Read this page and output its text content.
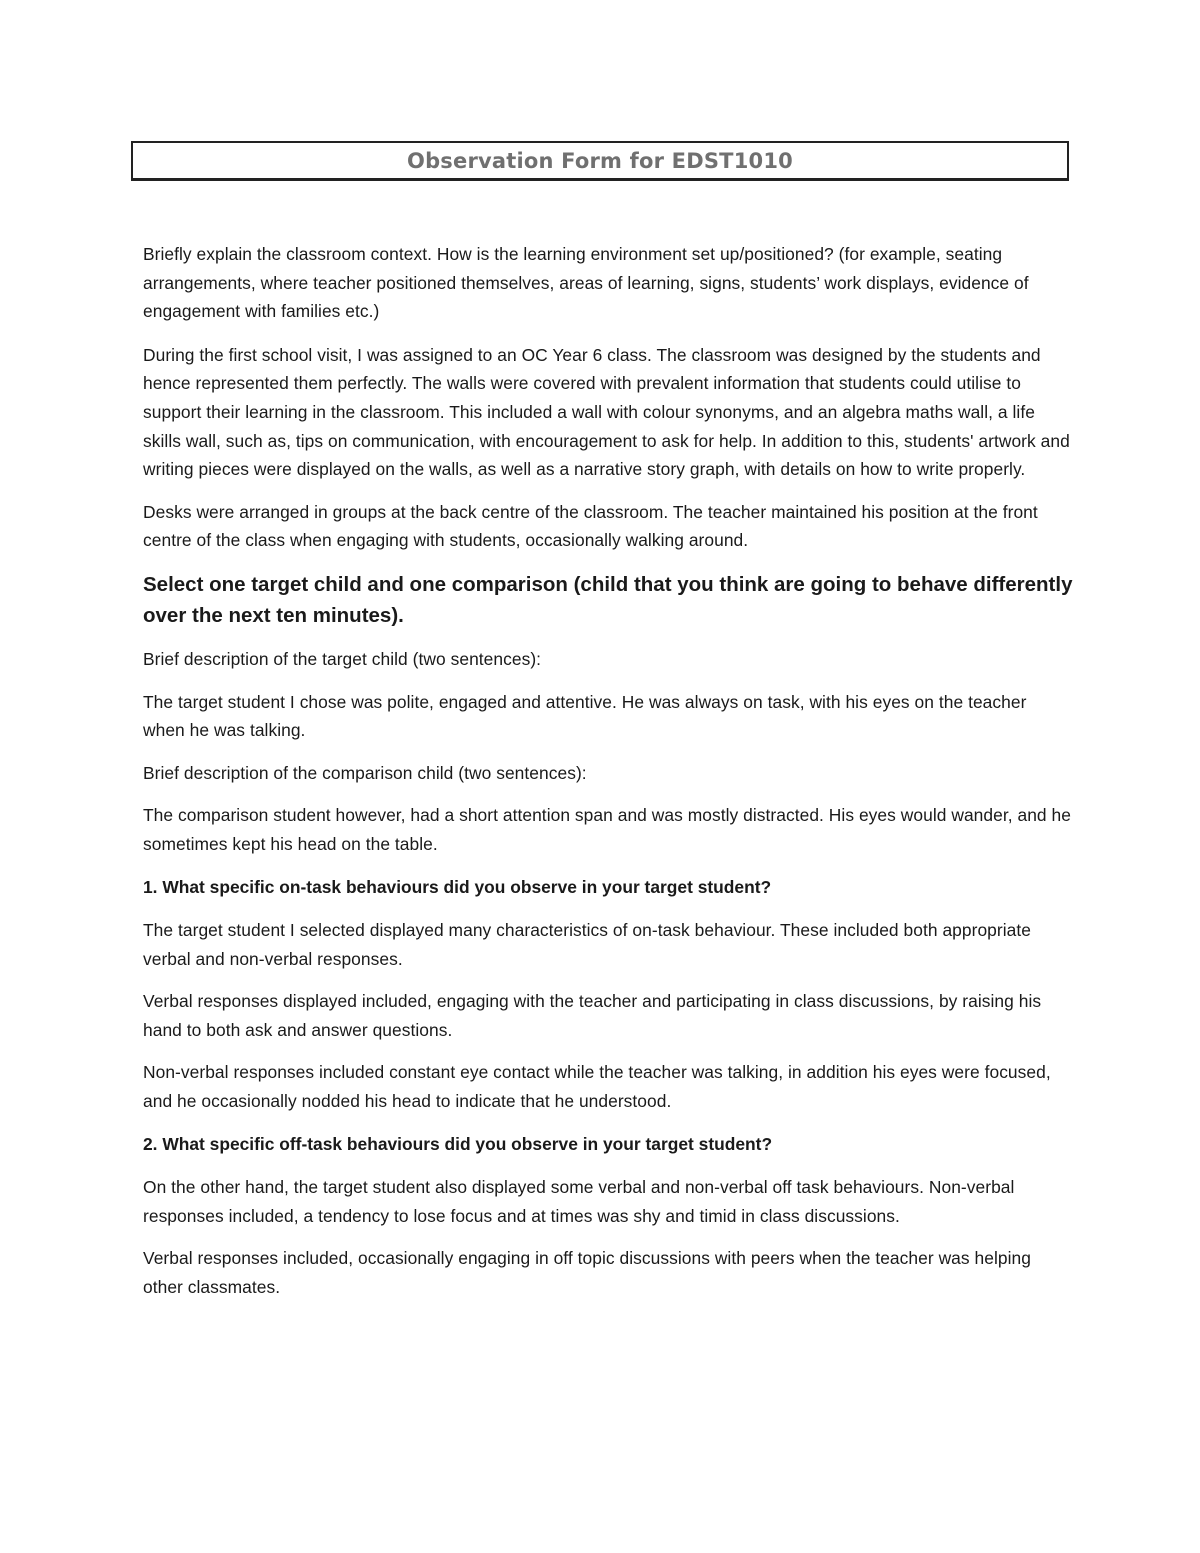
Observation Form for EDST1010

Briefly explain the classroom context. How is the learning environment set up/positioned? (for example, seating arrangements, where teacher positioned themselves, areas of learning, signs, students’ work displays, evidence of engagement with families etc.)

During the first school visit, I was assigned to an OC Year 6 class. The classroom was designed by the students and hence represented them perfectly. The walls were covered with prevalent information that students could utilise to support their learning in the classroom. This included a wall with colour synonyms, and an algebra maths wall, a life skills wall, such as, tips on communication, with encouragement to ask for help. In addition to this, students' artwork and writing pieces were displayed on the walls, as well as a narrative story graph, with details on how to write properly.

Desks were arranged in groups at the back centre of the classroom. The teacher maintained his position at the front centre of the class when engaging with students, occasionally walking around.

Select one target child and one comparison (child that you think are going to behave differently over the next ten minutes).

Brief description of the target child (two sentences):

The target student I chose was polite, engaged and attentive. He was always on task, with his eyes on the teacher when he was talking.

Brief description of the comparison child (two sentences):

The comparison student however, had a short attention span and was mostly distracted. His eyes would wander, and he sometimes kept his head on the table.

1. What specific on-task behaviours did you observe in your target student?

The target student I selected displayed many characteristics of on-task behaviour. These included both appropriate verbal and non-verbal responses.

Verbal responses displayed included, engaging with the teacher and participating in class discussions, by raising his hand to both ask and answer questions.

Non-verbal responses included constant eye contact while the teacher was talking, in addition his eyes were focused, and he occasionally nodded his head to indicate that he understood.

2. What specific off-task behaviours did you observe in your target student?

On the other hand, the target student also displayed some verbal and non-verbal off task behaviours. Non-verbal responses included, a tendency to lose focus and at times was shy and timid in class discussions.

Verbal responses included, occasionally engaging in off topic discussions with peers when the teacher was helping other classmates.
